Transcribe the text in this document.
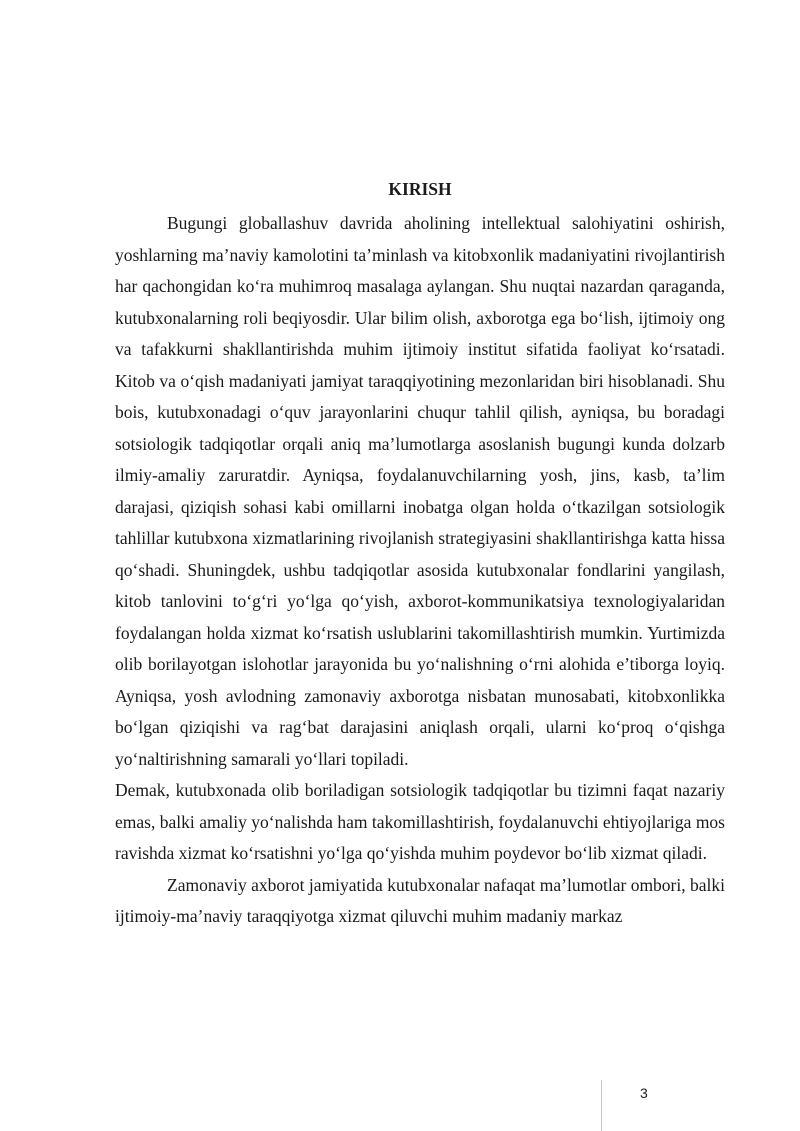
KIRISH

Bugungi globallashuv davrida aholining intellektual salohiyatini oshirish, yoshlarning ma’naviy kamolotini ta’minlash va kitobxonlik madaniyatini rivojlantirish har qachongidan ko‘ra muhimroq masalaga aylangan. Shu nuqtai nazardan qaraganda, kutubxonalarning roli beqiyosdir. Ular bilim olish, axborotga ega bo‘lish, ijtimoiy ong va tafakkurni shakllantirishda muhim ijtimoiy institut sifatida faoliyat ko‘rsatadi. Kitob va o‘qish madaniyati jamiyat taraqqiyotining mezonlaridan biri hisoblanadi. Shu bois, kutubxonadagi o‘quv jarayonlarini chuqur tahlil qilish, ayniqsa, bu boradagi sotsiologik tadqiqotlar orqali aniq ma’lumotlarga asoslanish bugungi kunda dolzarb ilmiy-amaliy zaruratdir. Ayniqsa, foydalanuvchilarning yosh, jins, kasb, ta’lim darajasi, qiziqish sohasi kabi omillarni inobatga olgan holda o‘tkazilgan sotsiologik tahlillar kutubxona xizmatlarining rivojlanish strategiyasini shakllantirishga katta hissa qo‘shadi. Shuningdek, ushbu tadqiqotlar asosida kutubxonalar fondlarini yangilash, kitob tanlovini to‘g‘ri yo‘lga qo‘yish, axborot-kommunikatsiya texnologiyalaridan foydalangan holda xizmat ko‘rsatish uslublarini takomillashtirish mumkin. Yurtimizda olib borilayotgan islohotlar jarayonida bu yo‘nalishning o‘rni alohida e’tiborga loyiq. Ayniqsa, yosh avlodning zamonaviy axborotga nisbatan munosabati, kitobxonlikka bo‘lgan qiziqishi va rag‘bat darajasini aniqlash orqali, ularni ko‘proq o‘qishga yo‘naltirishning samarali yo‘llari topiladi.

Demak, kutubxonada olib boriladigan sotsiologik tadqiqotlar bu tizimni faqat nazariy emas, balki amaliy yo‘nalishda ham takomillashtirish, foydalanuvchi ehtiyojlariga mos ravishda xizmat ko‘rsatishni yo‘lga qo‘yishda muhim poydevor bo‘lib xizmat qiladi.

Zamonaviy axborot jamiyatida kutubxonalar nafaqat ma’lumotlar ombori, balki ijtimoiy-ma’naviy taraqqiyotga xizmat qiluvchi muhim madaniy markaz

3
